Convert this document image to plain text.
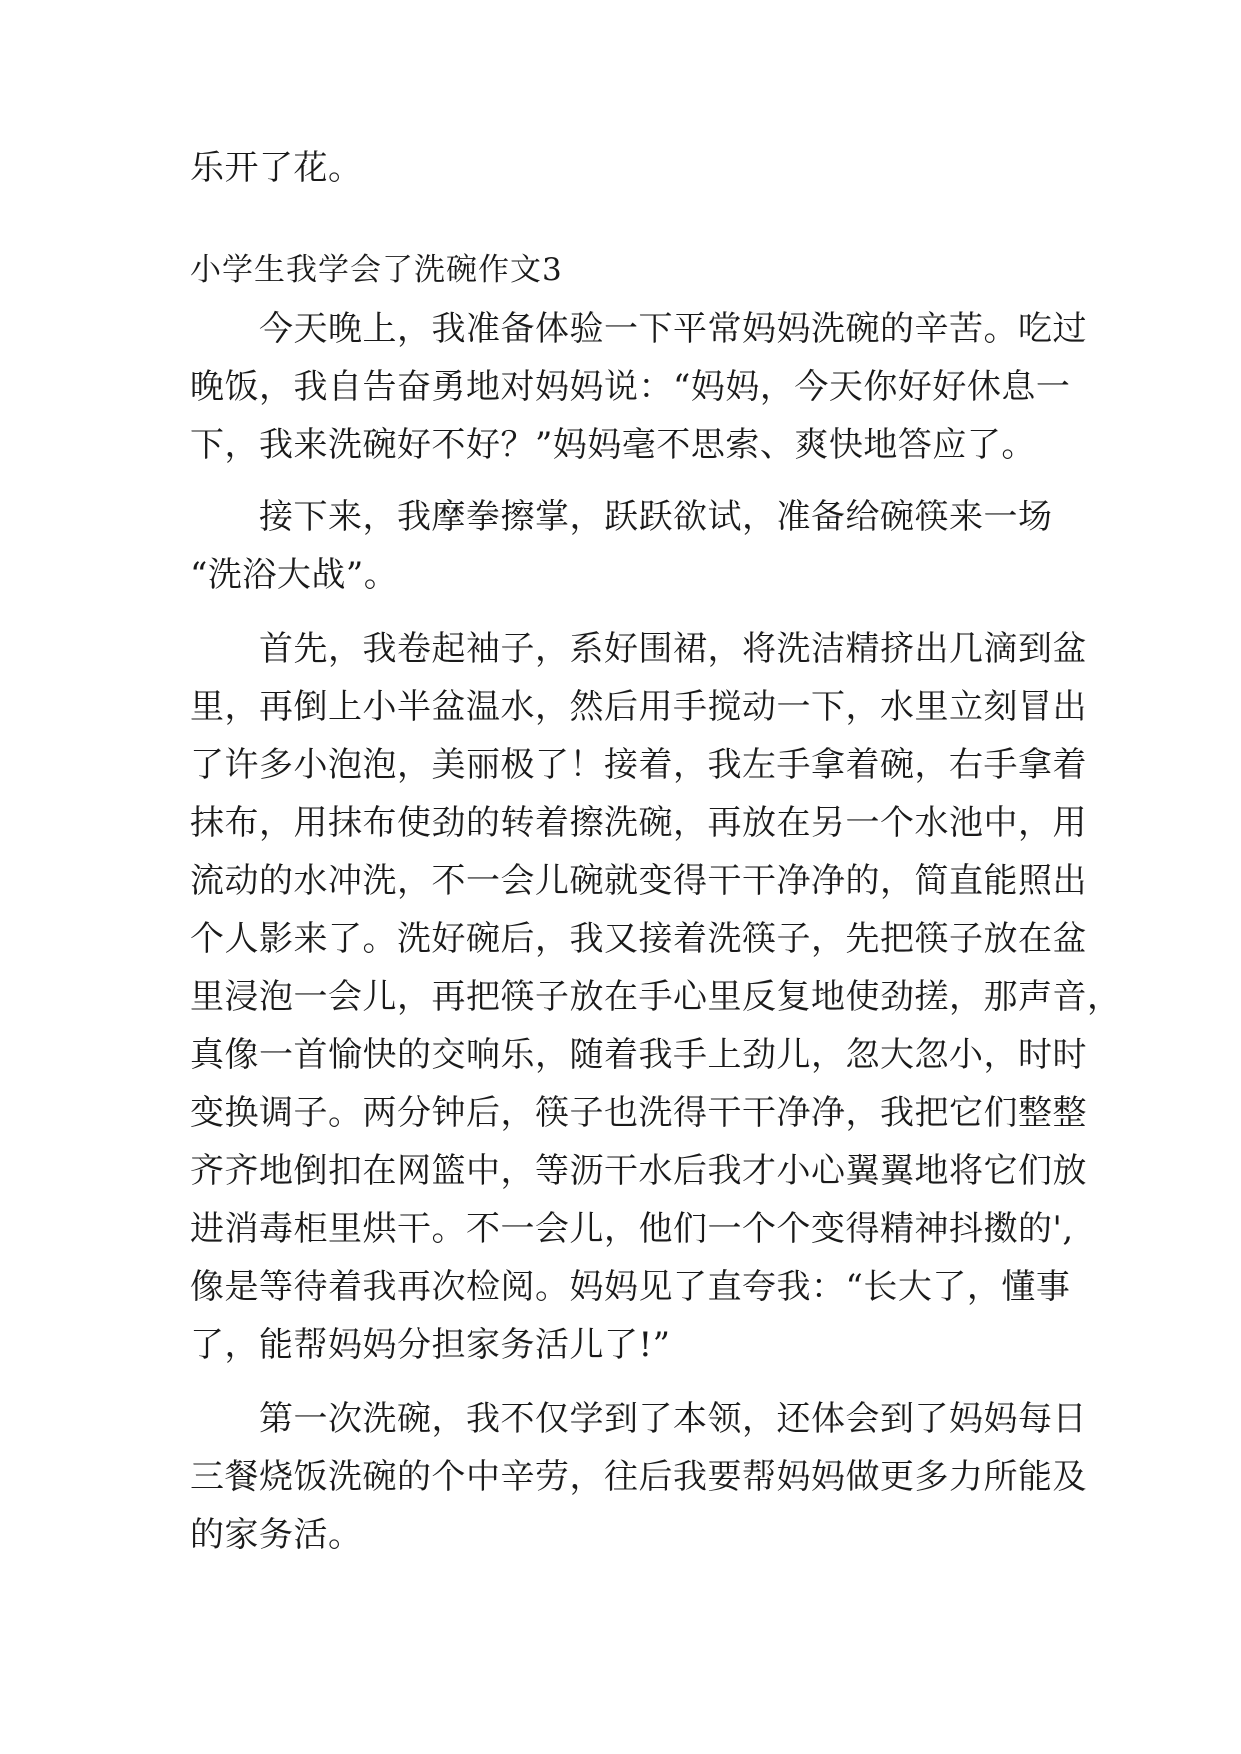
乐开了花。
小学生我学会了洗碗作文3
　　今天晚上，我准备体验一下平常妈妈洗碗的辛苦。吃过
晚饭，我自告奋勇地对妈妈说：“妈妈，今天你好好休息一
下，我来洗碗好不好？”妈妈毫不思索、爽快地答应了。
　　接下来，我摩拳擦掌，跃跃欲试，准备给碗筷来一场
“洗浴大战”。
　　首先，我卷起袖子，系好围裙，将洗洁精挤出几滴到盆
里，再倒上小半盆温水，然后用手搅动一下，水里立刻冒出
了许多小泡泡，美丽极了！接着，我左手拿着碗，右手拿着
抹布，用抹布使劲的转着擦洗碗，再放在另一个水池中，用
流动的水冲洗，不一会儿碗就变得干干净净的，简直能照出
个人影来了。洗好碗后，我又接着洗筷子，先把筷子放在盆
里浸泡一会儿，再把筷子放在手心里反复地使劲搓，那声音，
真像一首愉快的交响乐，随着我手上劲儿，忽大忽小，时时
变换调子。两分钟后，筷子也洗得干干净净，我把它们整整
齐齐地倒扣在网篮中，等沥干水后我才小心翼翼地将它们放
进消毒柜里烘干。不一会儿，他们一个个变得精神抖擞的',
像是等待着我再次检阅。妈妈见了直夸我：“长大了，懂事
了，能帮妈妈分担家务活儿了!”
　　第一次洗碗，我不仅学到了本领，还体会到了妈妈每日
三餐烧饭洗碗的个中辛劳，往后我要帮妈妈做更多力所能及
的家务活。
